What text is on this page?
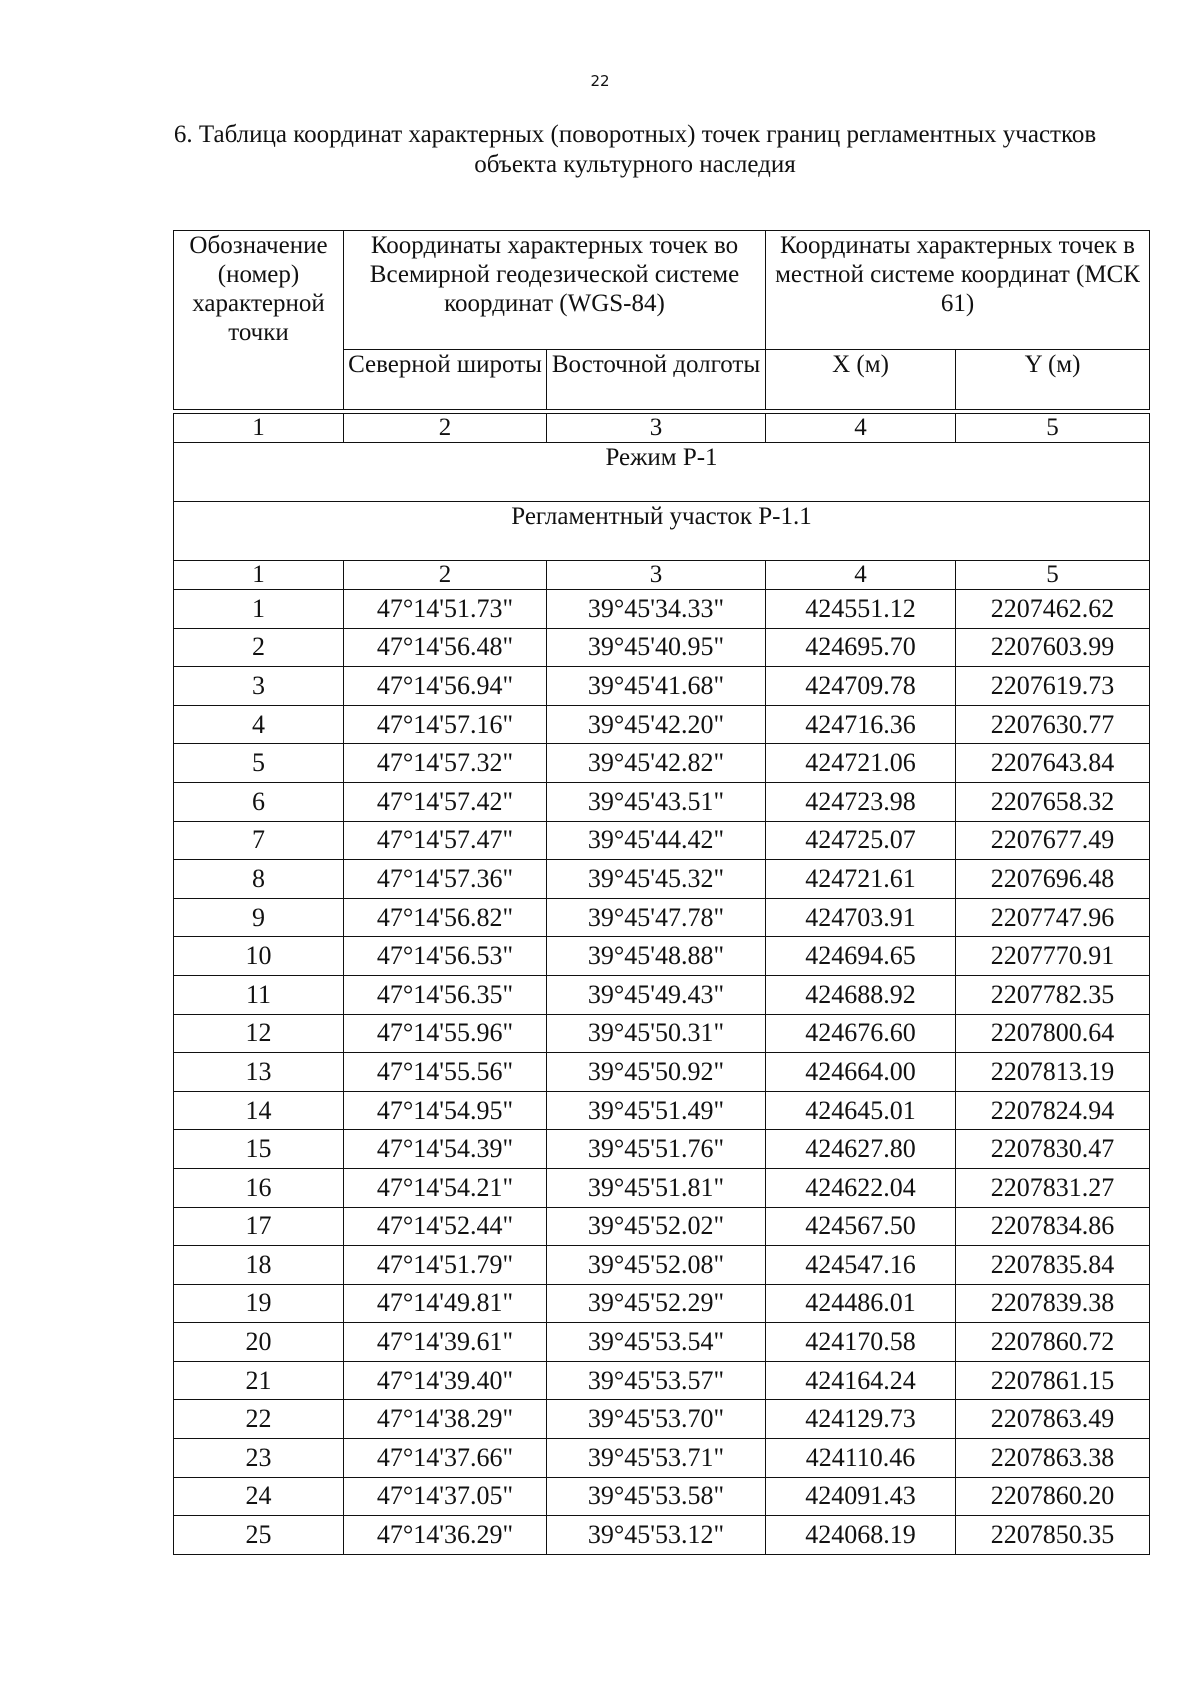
22
6. Таблица координат характерных (поворотных) точек границ регламентных участков объекта культурного наследия
Обозначение (номер) характерной точки	Координаты характерных точек во Всемирной геодезической системе координат (WGS-84)		Координаты характерных точек в местной системе координат (МСК 61)	
	Северной широты	Восточной долготы	X (м)	Y (м)

1	2	3	4	5
Режим Р-1				
Регламентный участок Р-1.1				
1	2	3	4	5
1	47°14'51.73"	39°45'34.33"	424551.12	2207462.62
2	47°14'56.48"	39°45'40.95"	424695.70	2207603.99
3	47°14'56.94"	39°45'41.68"	424709.78	2207619.73
4	47°14'57.16"	39°45'42.20"	424716.36	2207630.77
5	47°14'57.32"	39°45'42.82"	424721.06	2207643.84
6	47°14'57.42"	39°45'43.51"	424723.98	2207658.32
7	47°14'57.47"	39°45'44.42"	424725.07	2207677.49
8	47°14'57.36"	39°45'45.32"	424721.61	2207696.48
9	47°14'56.82"	39°45'47.78"	424703.91	2207747.96
10	47°14'56.53"	39°45'48.88"	424694.65	2207770.91
11	47°14'56.35"	39°45'49.43"	424688.92	2207782.35
12	47°14'55.96"	39°45'50.31"	424676.60	2207800.64
13	47°14'55.56"	39°45'50.92"	424664.00	2207813.19
14	47°14'54.95"	39°45'51.49"	424645.01	2207824.94
15	47°14'54.39"	39°45'51.76"	424627.80	2207830.47
16	47°14'54.21"	39°45'51.81"	424622.04	2207831.27
17	47°14'52.44"	39°45'52.02"	424567.50	2207834.86
18	47°14'51.79"	39°45'52.08"	424547.16	2207835.84
19	47°14'49.81"	39°45'52.29"	424486.01	2207839.38
20	47°14'39.61"	39°45'53.54"	424170.58	2207860.72
21	47°14'39.40"	39°45'53.57"	424164.24	2207861.15
22	47°14'38.29"	39°45'53.70"	424129.73	2207863.49
23	47°14'37.66"	39°45'53.71"	424110.46	2207863.38
24	47°14'37.05"	39°45'53.58"	424091.43	2207860.20
25	47°14'36.29"	39°45'53.12"	424068.19	2207850.35
